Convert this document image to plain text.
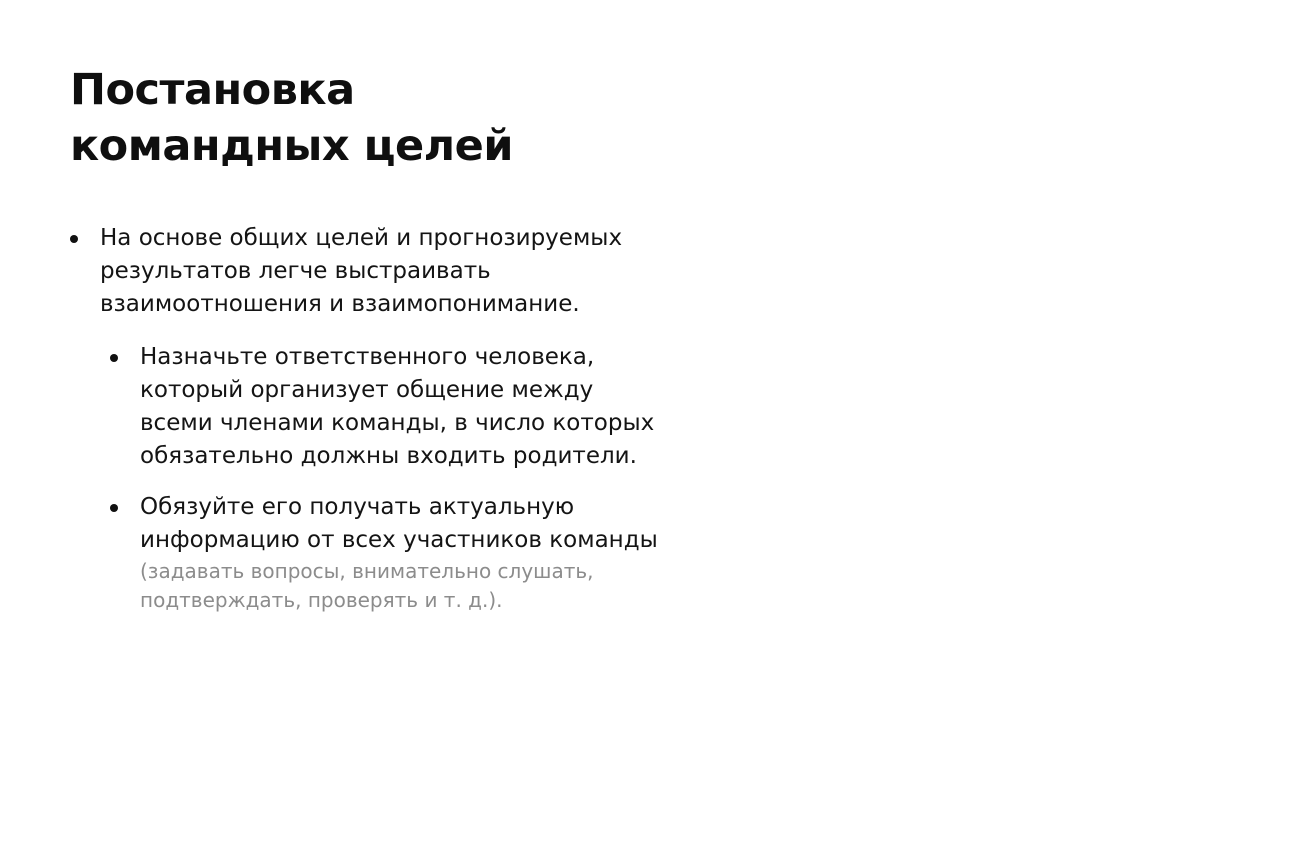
Постановка
командных целей

На основе общих целей и прогнозируемых
результатов легче выстраивать
взаимоотношения и взаимопонимание.

Назначьте ответственного человека,
который организует общение между
всеми членами команды, в число которых
обязательно должны входить родители.

Обязуйте его получать актуальную
информацию от всех участников команды

(задавать вопросы, внимательно слушать,
подтверждать, проверять и т. д.).
